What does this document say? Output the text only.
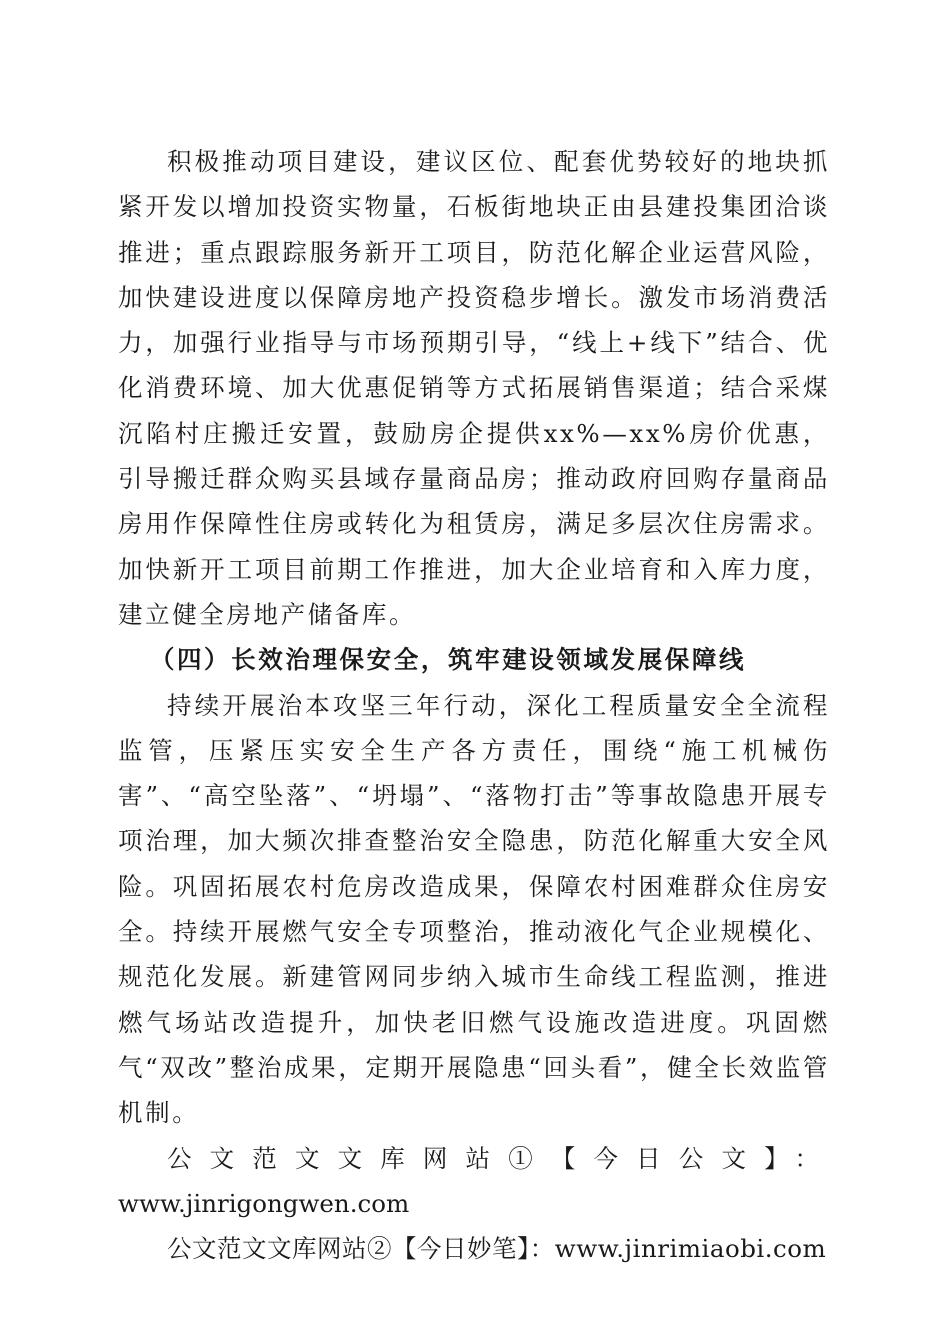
积极推动项目建设，建议区位、配套优势较好的地块抓紧开发以增加投资实物量，石板街地块正由县建投集团洽谈推进；重点跟踪服务新开工项目，防范化解企业运营风险，加快建设进度以保障房地产投资稳步增长。激发市场消费活力，加强行业指导与市场预期引导，“线上+线下”结合、优化消费环境、加大优惠促销等方式拓展销售渠道；结合采煤沉陷村庄搬迁安置，鼓励房企提供xx%—xx%房价优惠，引导搬迁群众购买县域存量商品房；推动政府回购存量商品房用作保障性住房或转化为租赁房，满足多层次住房需求。加快新开工项目前期工作推进，加大企业培育和入库力度，建立健全房地产储备库。

（四）长效治理保安全，筑牢建设领域发展保障线

持续开展治本攻坚三年行动，深化工程质量安全全流程监管，压紧压实安全生产各方责任，围绕“施工机械伤害”、“高空坠落”、“坍塌”、“落物打击”等事故隐患开展专项治理，加大频次排查整治安全隐患，防范化解重大安全风险。巩固拓展农村危房改造成果，保障农村困难群众住房安全。持续开展燃气安全专项整治，推动液化气企业规模化、规范化发展。新建管网同步纳入城市生命线工程监测，推进燃气场站改造提升，加快老旧燃气设施改造进度。巩固燃气“双改”整治成果，定期开展隐患“回头看”，健全长效监管机制。

公文范文文库网站①【今日公文】： www.jinrigongwen.com

公文范文文库网站②【今日妙笔】：www.jinrimiaobi.com
